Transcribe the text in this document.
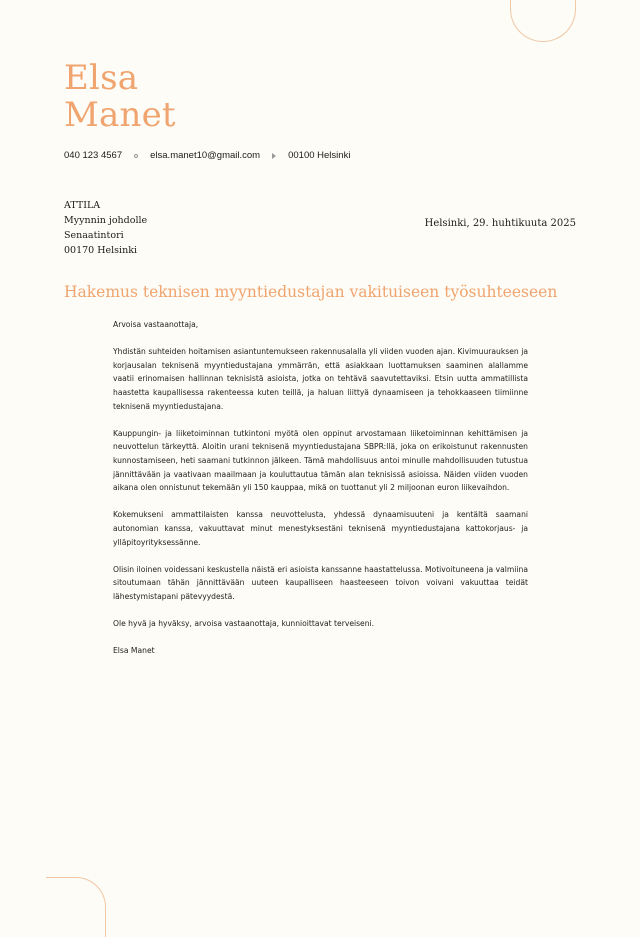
Elsa
Manet
040 123 4567	elsa.manet10@gmail.com	00100 Helsinki
ATTILA
Myynnin johdolle
Senaatintori
00170 Helsinki
Helsinki, 29. huhtikuuta 2025
Hakemus teknisen myyntiedustajan vakituiseen työsuhteeseen

Arvoisa vastaanottaja,

Yhdistän suhteiden hoitamisen asiantuntemukseen rakennusalalla yli viiden vuoden ajan. Kivimuurauksen ja korjausalan teknisenä myyntiedustajana ymmärrän, että asiakkaan luottamuksen saaminen alallamme vaatii erinomaisen hallinnan teknisistä asioista, jotka on tehtävä saavutettaviksi. Etsin uutta ammatillista haastetta kaupallisessa rakenteessa kuten teillä, ja haluan liittyä dynaamiseen ja tehokkaaseen tiimiinne teknisenä myyntiedustajana.

Kauppungin- ja liiketoiminnan tutkintoni myötä olen oppinut arvostamaan liiketoiminnan kehittämisen ja neuvottelun tärkeyttä. Aloitin urani teknisenä myyntiedustajana SBPR:llä, joka on erikoistunut rakennusten kunnostamiseen, heti saamani tutkinnon jälkeen. Tämä mahdollisuus antoi minulle mahdollisuuden tutustua jännittävään ja vaativaan maailmaan ja kouluttautua tämän alan teknisissä asioissa. Näiden viiden vuoden aikana olen onnistunut tekemään yli 150 kauppaa, mikä on tuottanut yli 2 miljoonan euron liikevaihdon.

Kokemukseni ammattilaisten kanssa neuvottelusta, yhdessä dynaamisuuteni ja kentältä saamani autonomian kanssa, vakuuttavat minut menestyksestäni teknisenä myyntiedustajana kattokorjaus- ja ylläpitoyrityksessänne.

Olisin iloinen voidessani keskustella näistä eri asioista kanssanne haastattelussa. Motivoituneena ja valmiina sitoutumaan tähän jännittävään uuteen kaupalliseen haasteeseen toivon voivani vakuuttaa teidät lähestymistapani pätevyydestä.

Ole hyvä ja hyväksy, arvoisa vastaanottaja, kunnioittavat terveiseni.

Elsa Manet
